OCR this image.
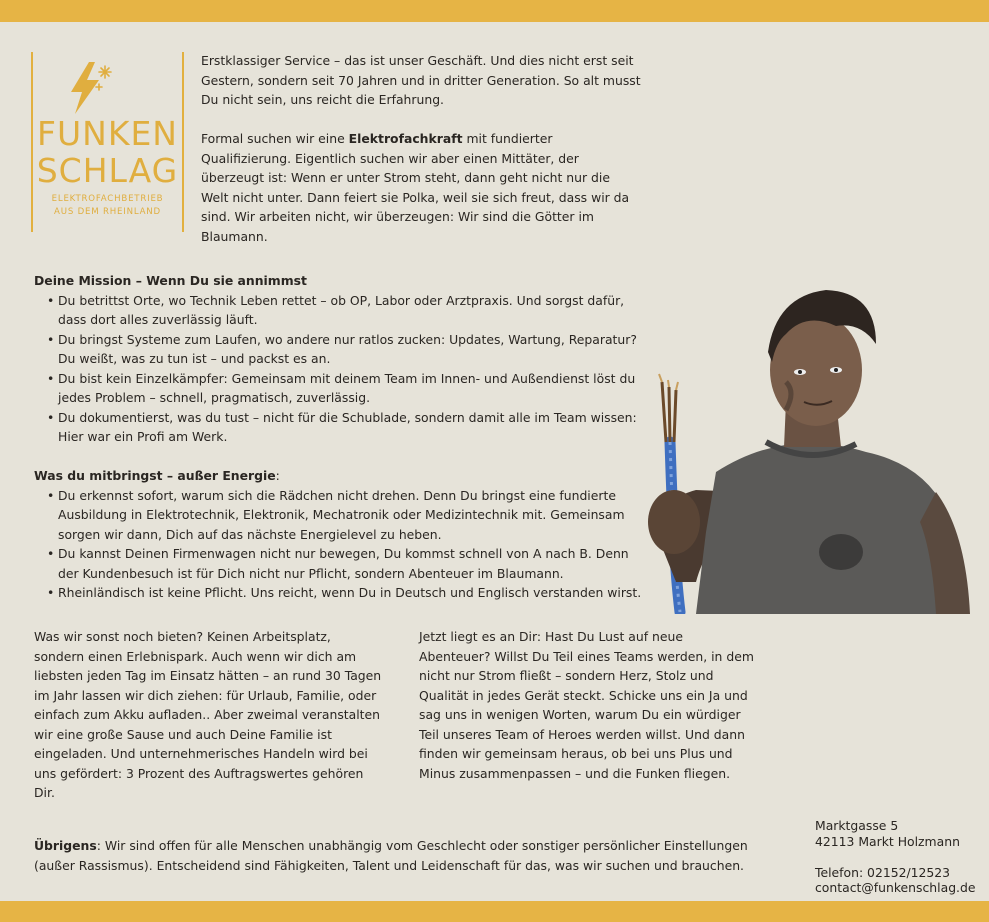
FUNKEN
SCHLAG
ELEKTROFACHBETRIEB
AUS DEM RHEINLAND

Erstklassiger Service – das ist unser Geschäft. Und dies nicht erst seit Gestern, sondern seit 70 Jahren und in dritter Generation. So alt musst Du nicht sein, uns reicht die Erfahrung.

Formal suchen wir eine Elektrofachkraft mit fundierter Qualifizierung. Eigentlich suchen wir aber einen Mittäter, der überzeugt ist: Wenn er unter Strom steht, dann geht nicht nur die Welt nicht unter. Dann feiert sie Polka, weil sie sich freut, dass wir da sind. Wir arbeiten nicht, wir überzeugen: Wir sind die Götter im Blaumann.

Deine Mission – Wenn Du sie annimmst
• Du betrittst Orte, wo Technik Leben rettet – ob OP, Labor oder Arztpraxis. Und sorgst dafür, dass dort alles zuverlässig läuft.
• Du bringst Systeme zum Laufen, wo andere nur ratlos zucken: Updates, Wartung, Reparatur? Du weißt, was zu tun ist – und packst es an.
• Du bist kein Einzelkämpfer: Gemeinsam mit deinem Team im Innen- und Außendienst löst du jedes Problem – schnell, pragmatisch, zuverlässig.
• Du dokumentierst, was du tust – nicht für die Schublade, sondern damit alle im Team wissen: Hier war ein Profi am Werk.
Was du mitbringst – außer Energie:
• Du erkennst sofort, warum sich die Rädchen nicht drehen. Denn Du bringst eine fundierte Ausbildung in Elektrotechnik, Elektronik, Mechatronik oder Medizintechnik mit. Gemeinsam sorgen wir dann, Dich auf das nächste Energielevel zu heben.
• Du kannst Deinen Firmenwagen nicht nur bewegen, Du kommst schnell von A nach B. Denn der Kundenbesuch ist für Dich nicht nur Pflicht, sondern Abenteuer im Blaumann.
• Rheinländisch ist keine Pflicht. Uns reicht, wenn Du in Deutsch und Englisch verstanden wirst.
Was wir sonst noch bieten? Keinen Arbeitsplatz, sondern einen Erlebnispark. Auch wenn wir dich am liebsten jeden Tag im Einsatz hätten – an rund 30 Tagen im Jahr lassen wir dich ziehen: für Urlaub, Familie, oder einfach zum Akku aufladen.. Aber zweimal veranstalten wir eine große Sause und auch Deine Familie ist eingeladen. Und unternehmerisches Handeln wird bei uns gefördert: 3 Prozent des Auftragswertes gehören Dir.
Jetzt liegt es an Dir: Hast Du Lust auf neue Abenteuer? Willst Du Teil eines Teams werden, in dem nicht nur Strom fließt – sondern Herz, Stolz und Qualität in jedes Gerät steckt. Schicke uns ein Ja und sag uns in wenigen Worten, warum Du ein würdiger Teil unseres Team of Heroes werden willst. Und dann finden wir gemeinsam heraus, ob bei uns Plus und Minus zusammenpassen – und die Funken fliegen.
Übrigens: Wir sind offen für alle Menschen unabhängig vom Geschlecht oder sonstiger persönlicher Einstellungen (außer Rassismus). Entscheidend sind Fähigkeiten, Talent und Leidenschaft für das, was wir suchen und brauchen.
Marktgasse 5
42113 Markt Holzmann
Telefon: 02152/12523
contact@funkenschlag.de
